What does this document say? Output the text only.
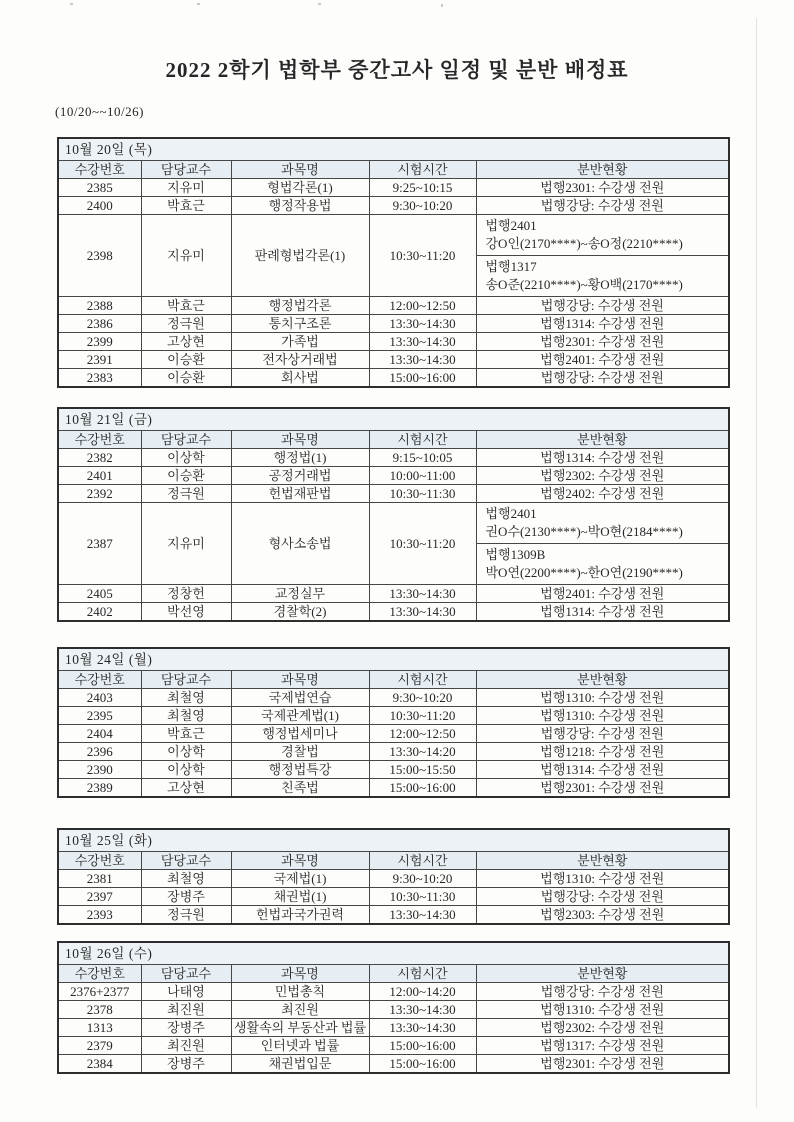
2022 2학기 법학부 중간고사 일정 및 분반 배정표
(10/20~~10/26)
10월 20일 (목)				
수강번호	담당교수	과목명	시험시간	분반현황
2385	지유미	형법각론(1)	9:25~10:15	법행2301: 수강생 전원
2400	박효근	행정작용법	9:30~10:20	법행강당: 수강생 전원
2398	지유미	판례형법각론(1)	10:30~11:20	법행2401
강O인(2170****)~송O정(2210****)
법행1317
송O준(2210****)~황O백(2170****)

2388	박효근	행정법각론	12:00~12:50	법행강당: 수강생 전원
2386	정극원	통치구조론	13:30~14:30	법행1314: 수강생 전원
2399	고상현	가족법	13:30~14:30	법행2301: 수강생 전원
2391	이승환	전자상거래법	13:30~14:30	법행2401: 수강생 전원
2383	이승환	회사법	15:00~16:00	법행강당: 수강생 전원
10월 21일 (금)				
수강번호	담당교수	과목명	시험시간	분반현황
2382	이상학	행정법(1)	9:15~10:05	법행1314: 수강생 전원
2401	이승환	공정거래법	10:00~11:00	법행2302: 수강생 전원
2392	정극원	헌법재판법	10:30~11:30	법행2402: 수강생 전원
2387	지유미	형사소송법	10:30~11:20	법행2401
권O수(2130****)~박O현(2184****)
법행1309B
박O연(2200****)~한O연(2190****)

2405	정창헌	교정실무	13:30~14:30	법행2401: 수강생 전원
2402	박선영	경찰학(2)	13:30~14:30	법행1314: 수강생 전원
10월 24일 (월)				
수강번호	담당교수	과목명	시험시간	분반현황
2403	최철영	국제법연습	9:30~10:20	법행1310: 수강생 전원
2395	최철영	국제관계법(1)	10:30~11:20	법행1310: 수강생 전원
2404	박효근	행정법세미나	12:00~12:50	법행강당: 수강생 전원
2396	이상학	경찰법	13:30~14:20	법행1218: 수강생 전원
2390	이상학	행정법특강	15:00~15:50	법행1314: 수강생 전원
2389	고상현	친족법	15:00~16:00	법행2301: 수강생 전원
10월 25일 (화)				
수강번호	담당교수	과목명	시험시간	분반현황
2381	최철영	국제법(1)	9:30~10:20	법행1310: 수강생 전원
2397	장병주	채권법(1)	10:30~11:30	법행강당: 수강생 전원
2393	정극원	헌법과국가권력	13:30~14:30	법행2303: 수강생 전원
10월 26일 (수)				
수강번호	담당교수	과목명	시험시간	분반현황
2376+2377	나태영	민법총칙	12:00~14:20	법행강당: 수강생 전원
2378	최진원	최진원	13:30~14:30	법행1310: 수강생 전원
1313	장병주	생활속의 부동산과 법률	13:30~14:30	법행2302: 수강생 전원
2379	최진원	인터넷과 법률	15:00~16:00	법행1317: 수강생 전원
2384	장병주	채권법입문	15:00~16:00	법행2301: 수강생 전원
